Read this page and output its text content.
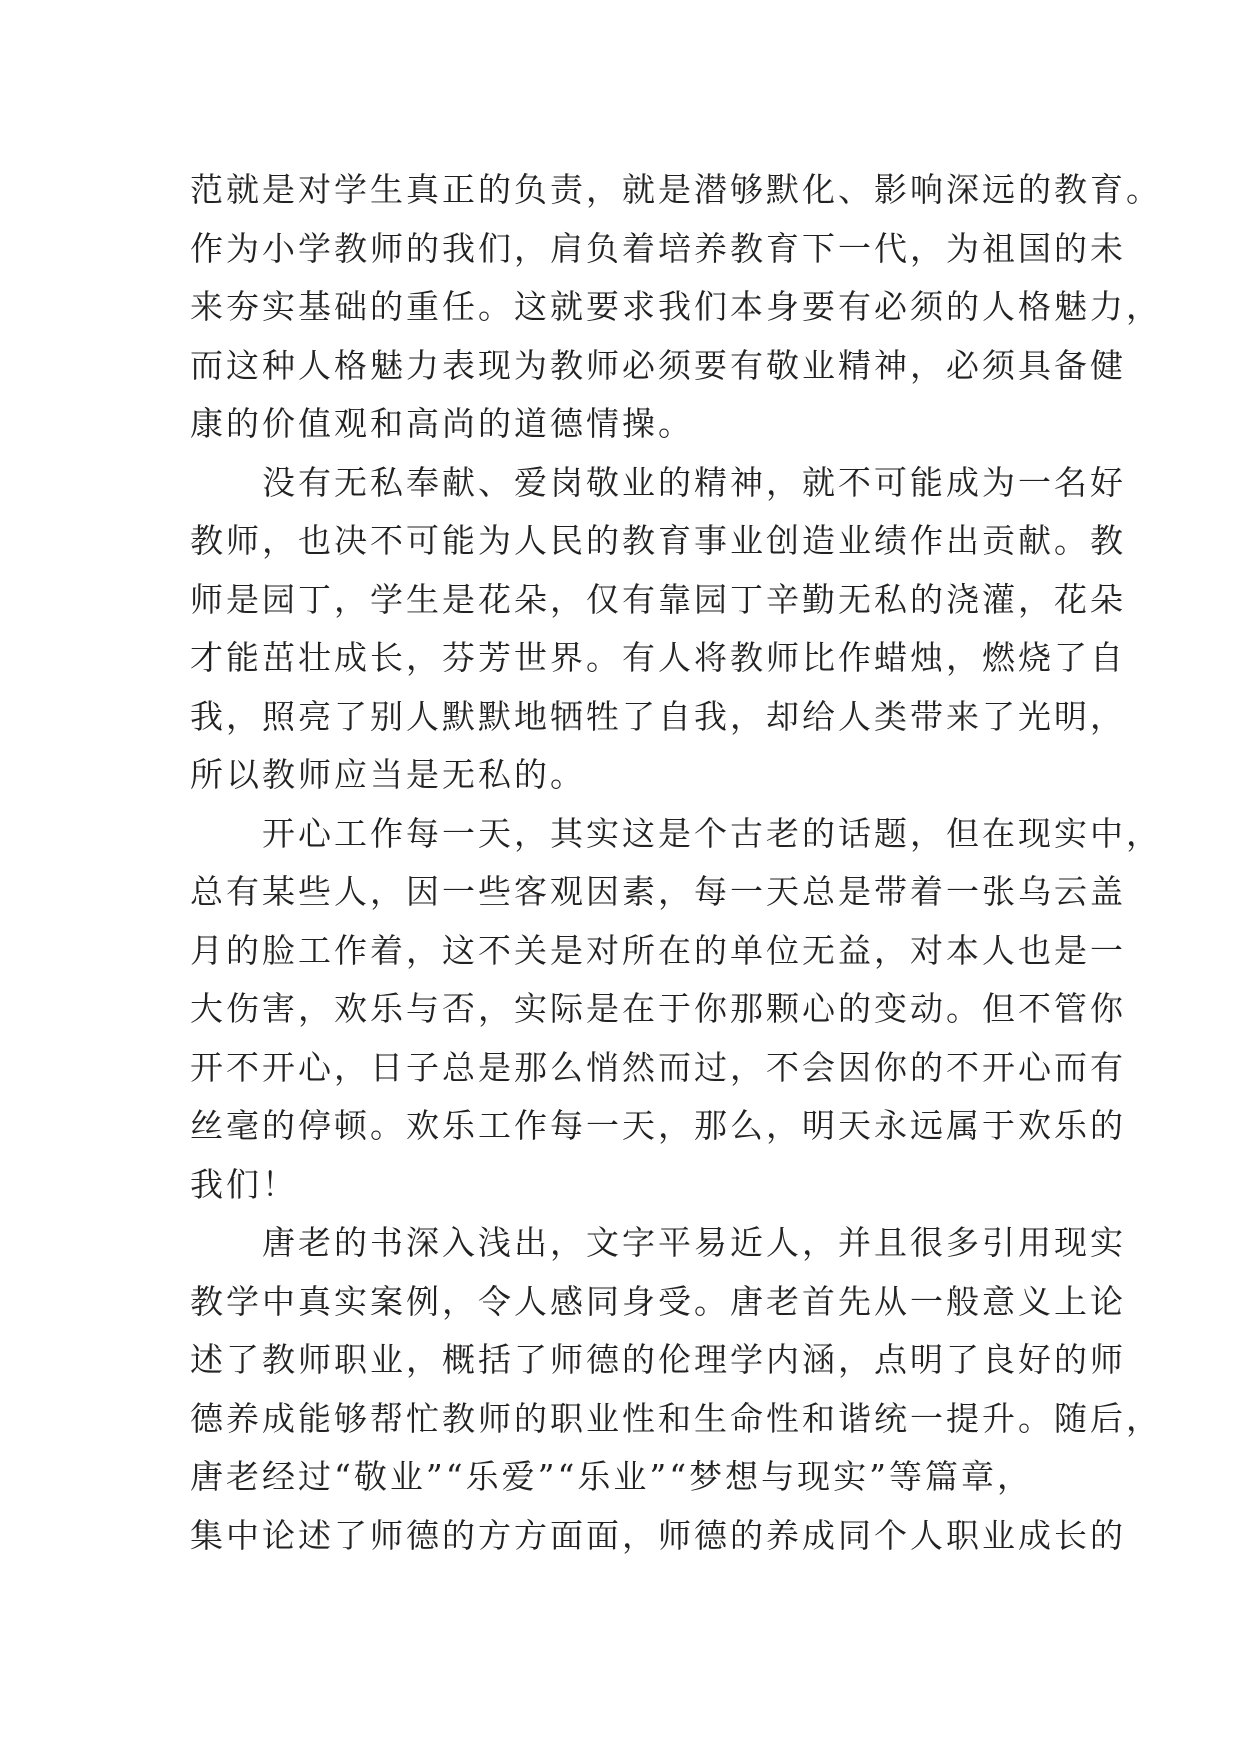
范就是对学生真正的负责，就是潜够默化、影响深远的教育。
作为小学教师的我们，肩负着培养教育下一代，为祖国的未
来夯实基础的重任。这就要求我们本身要有必须的人格魅力，
而这种人格魅力表现为教师必须要有敬业精神，必须具备健
康的价值观和高尚的道德情操。
没有无私奉献、爱岗敬业的精神，就不可能成为一名好
教师，也决不可能为人民的教育事业创造业绩作出贡献。教
师是园丁，学生是花朵，仅有靠园丁辛勤无私的浇灌，花朵
才能茁壮成长，芬芳世界。有人将教师比作蜡烛，燃烧了自
我，照亮了别人默默地牺牲了自我，却给人类带来了光明，
所以教师应当是无私的。
开心工作每一天，其实这是个古老的话题，但在现实中，
总有某些人，因一些客观因素，每一天总是带着一张乌云盖
月的脸工作着，这不关是对所在的单位无益，对本人也是一
大伤害，欢乐与否，实际是在于你那颗心的变动。但不管你
开不开心，日子总是那么悄然而过，不会因你的不开心而有
丝毫的停顿。欢乐工作每一天，那么，明天永远属于欢乐的
我们！
唐老的书深入浅出，文字平易近人，并且很多引用现实
教学中真实案例，令人感同身受。唐老首先从一般意义上论
述了教师职业，概括了师德的伦理学内涵，点明了良好的师
德养成能够帮忙教师的职业性和生命性和谐统一提升。随后，
唐老经过“敬业”“乐爱”“乐业”“梦想与现实”等篇章，
集中论述了师德的方方面面，师德的养成同个人职业成长的
